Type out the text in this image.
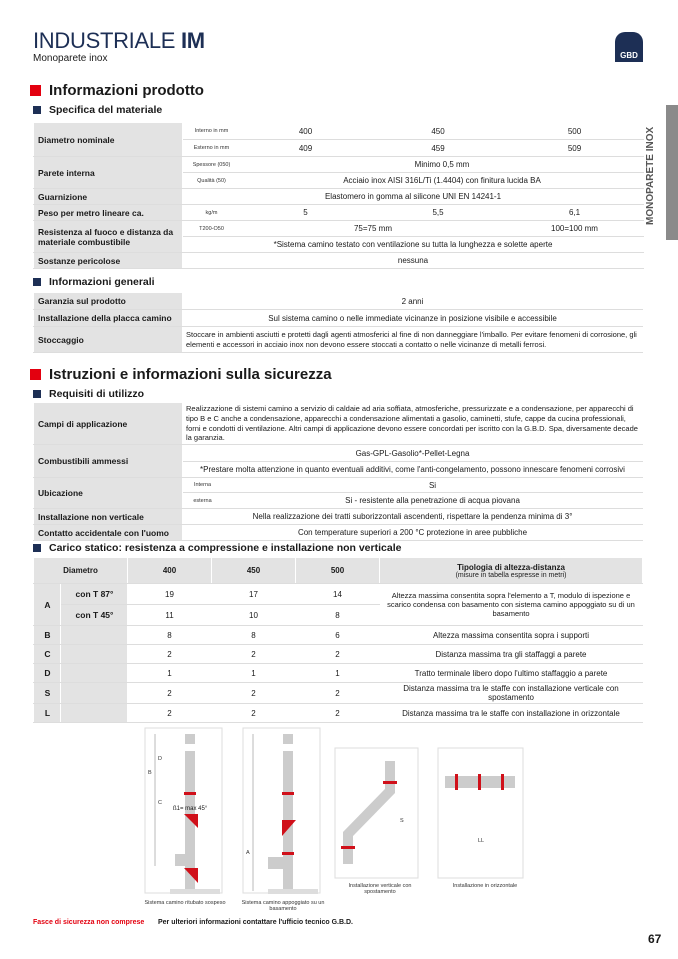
INDUSTRIALE IM
Monoparete inox	GBD
MONOPARETE INOX
Informazioni prodotto
Specifica del materiale
Diametro nominale	Interno in mm	400	450	500
	Esterno in mm	409	459	509
Parete interna	Spessore (050)	Minimo 0,5 mm		
	Qualità (50)	Acciaio inox AISI 316L/Ti (1.4404) con finitura lucida BA		
Guarnizione	Elastomero in gomma al silicone UNI EN 14241-1			
Peso per metro lineare ca.	kg/m	5	5,5	6,1
Resistenza al fuoco e distanza da materiale combustibile	T200-O50	75=75 mm		100=100 mm
	*Sistema camino testato con ventilazione su tutta la lunghezza e solette aperte			
Sostanze pericolose	nessuna			
Informazioni generali
Garanzia sul prodotto	2 anni
Installazione della placca camino	Sul sistema camino o nelle immediate vicinanze in posizione visibile e accessibile
Stoccaggio	Stoccare in ambienti asciutti e protetti dagli agenti atmosferici al fine di non danneggiare l'imballo. Per evitare fenomeni di corrosione, gli elementi e accessori in acciaio inox non devono essere stoccati a contatto o nelle vicinanze di metalli ferrosi.
Istruzioni e informazioni sulla sicurezza
Requisiti di utilizzo
Campi di applicazione	Realizzazione di sistemi camino a servizio di caldaie ad aria soffiata, atmosferiche, pressurizzate e a condensazione, per apparecchi di tipo B e C anche a condensazione, apparecchi a condensazione alimentati a gasolio, caminetti, stufe, cappe da cucina professionali, forni e condotti di ventilazione. Altri campi di applicazione devono essere concordati per iscritto con la G.B.D. Spa, diversamente decade la garanzia.	
Combustibili ammessi	Gas-GPL-Gasolio*-Pellet-Legna	
	*Prestare molta attenzione in quanto eventuali additivi, come l'anti-congelamento, possono innescare fenomeni corrosivi	
Ubicazione	Interna	Si
	esterna	Si - resistente alla penetrazione di acqua piovana
Installazione non verticale	Nella realizzazione dei tratti suborizzontali ascendenti, rispettare la pendenza minima di 3°	
Contatto accidentale con l'uomo	Con temperature superiori a 200 °C protezione in aree pubbliche	
Carico statico: resistenza a compressione e installazione non verticale
Diametro		400	450	500	Tipologia di altezza-distanza
(misure in tabella espresse in metri)

A	con T 87°	19	17	14	Altezza massima consentita sopra l'elemento a T, modulo di ispezione e scarico condensa con basamento con sistema camino appoggiato su di un basamento
	con T 45°	11	10	8	
B		8	8	6	Altezza massima consentita sopra i supporti
C		2	2	2	Distanza massima tra gli staffaggi a parete
D		1	1	1	Tratto terminale libero dopo l'ultimo staffaggio a parete
S		2	2	2	Distanza massima tra le staffe con installazione verticale con spostamento
L		2	2	2	Distanza massima tra le staffe con installazione in orizzontale
ß1= max 45°
Sistema camino ritubato sospeso	Sistema camino appoggiato su un basamento
Installazione verticale con spostamento
Installazione in orizzontale
B
C
D
A
S
LL
Fasce di sicurezza non comprese Per ulteriori informazioni contattare l'ufficio tecnico G.B.D.
67
